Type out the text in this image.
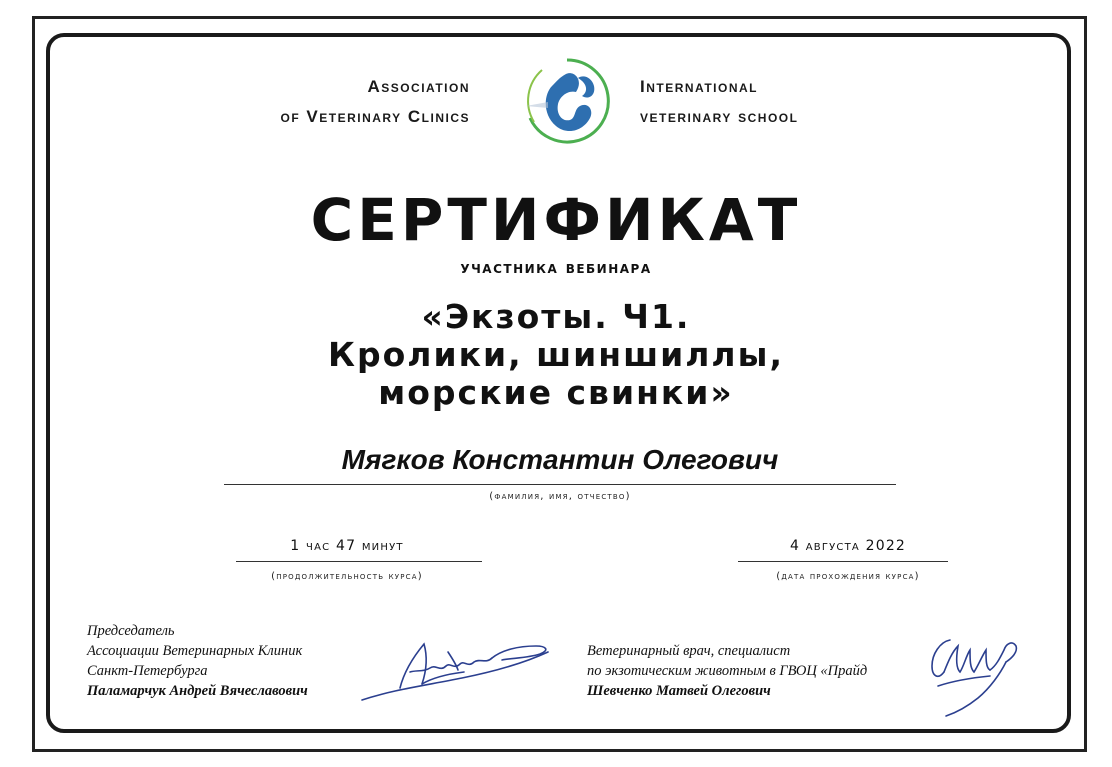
Association
of Veterinary Clinics
International
veterinary school
СЕРТИФИКАТ
участника вебинара
«Экзоты. Ч1.
Кролики, шиншиллы,
морские свинки»
Мягков Константин Олегович
(фамилия, имя, отчество)
1 час 47 минут
(продолжительность курса)
4 августа 2022
(дата прохождения курса)
Председатель
Ассоциации Ветеринарных Клиник
Санкт-Петербурга
Паламарчук Андрей Вячеславович
Ветеринарный врач, специалист
по экзотическим животным в ГВОЦ «Прайд
Шевченко Матвей Олегович
